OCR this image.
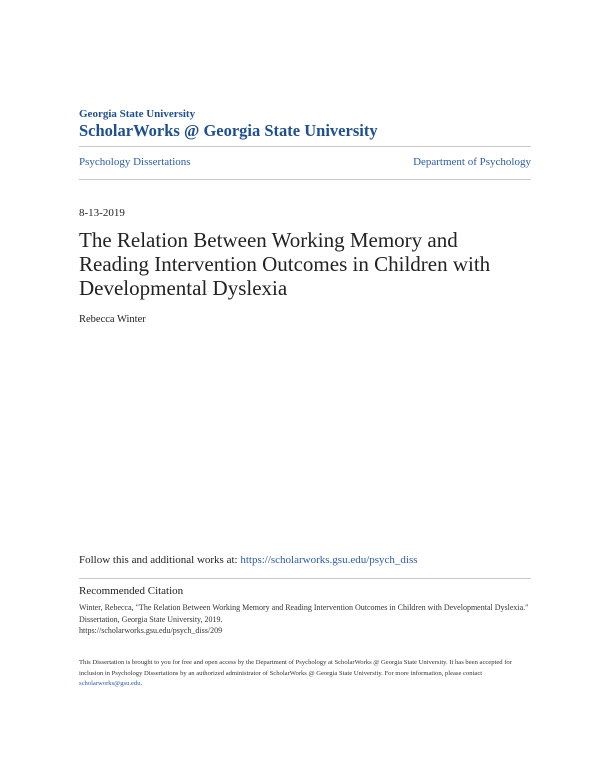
Georgia State University
ScholarWorks @ Georgia State University
Psychology Dissertations	Department of Psychology
8-13-2019
The Relation Between Working Memory and Reading Intervention Outcomes in Children with Developmental Dyslexia
Rebecca Winter
Follow this and additional works at: https://scholarworks.gsu.edu/psych_diss
Recommended Citation
Winter, Rebecca, "The Relation Between Working Memory and Reading Intervention Outcomes in Children with Developmental Dyslexia." Dissertation, Georgia State University, 2019.
https://scholarworks.gsu.edu/psych_diss/209
This Dissertation is brought to you for free and open access by the Department of Psychology at ScholarWorks @ Georgia State University. It has been accepted for inclusion in Psychology Dissertations by an authorized administrator of ScholarWorks @ Georgia State University. For more information, please contact scholarworks@gsu.edu.
